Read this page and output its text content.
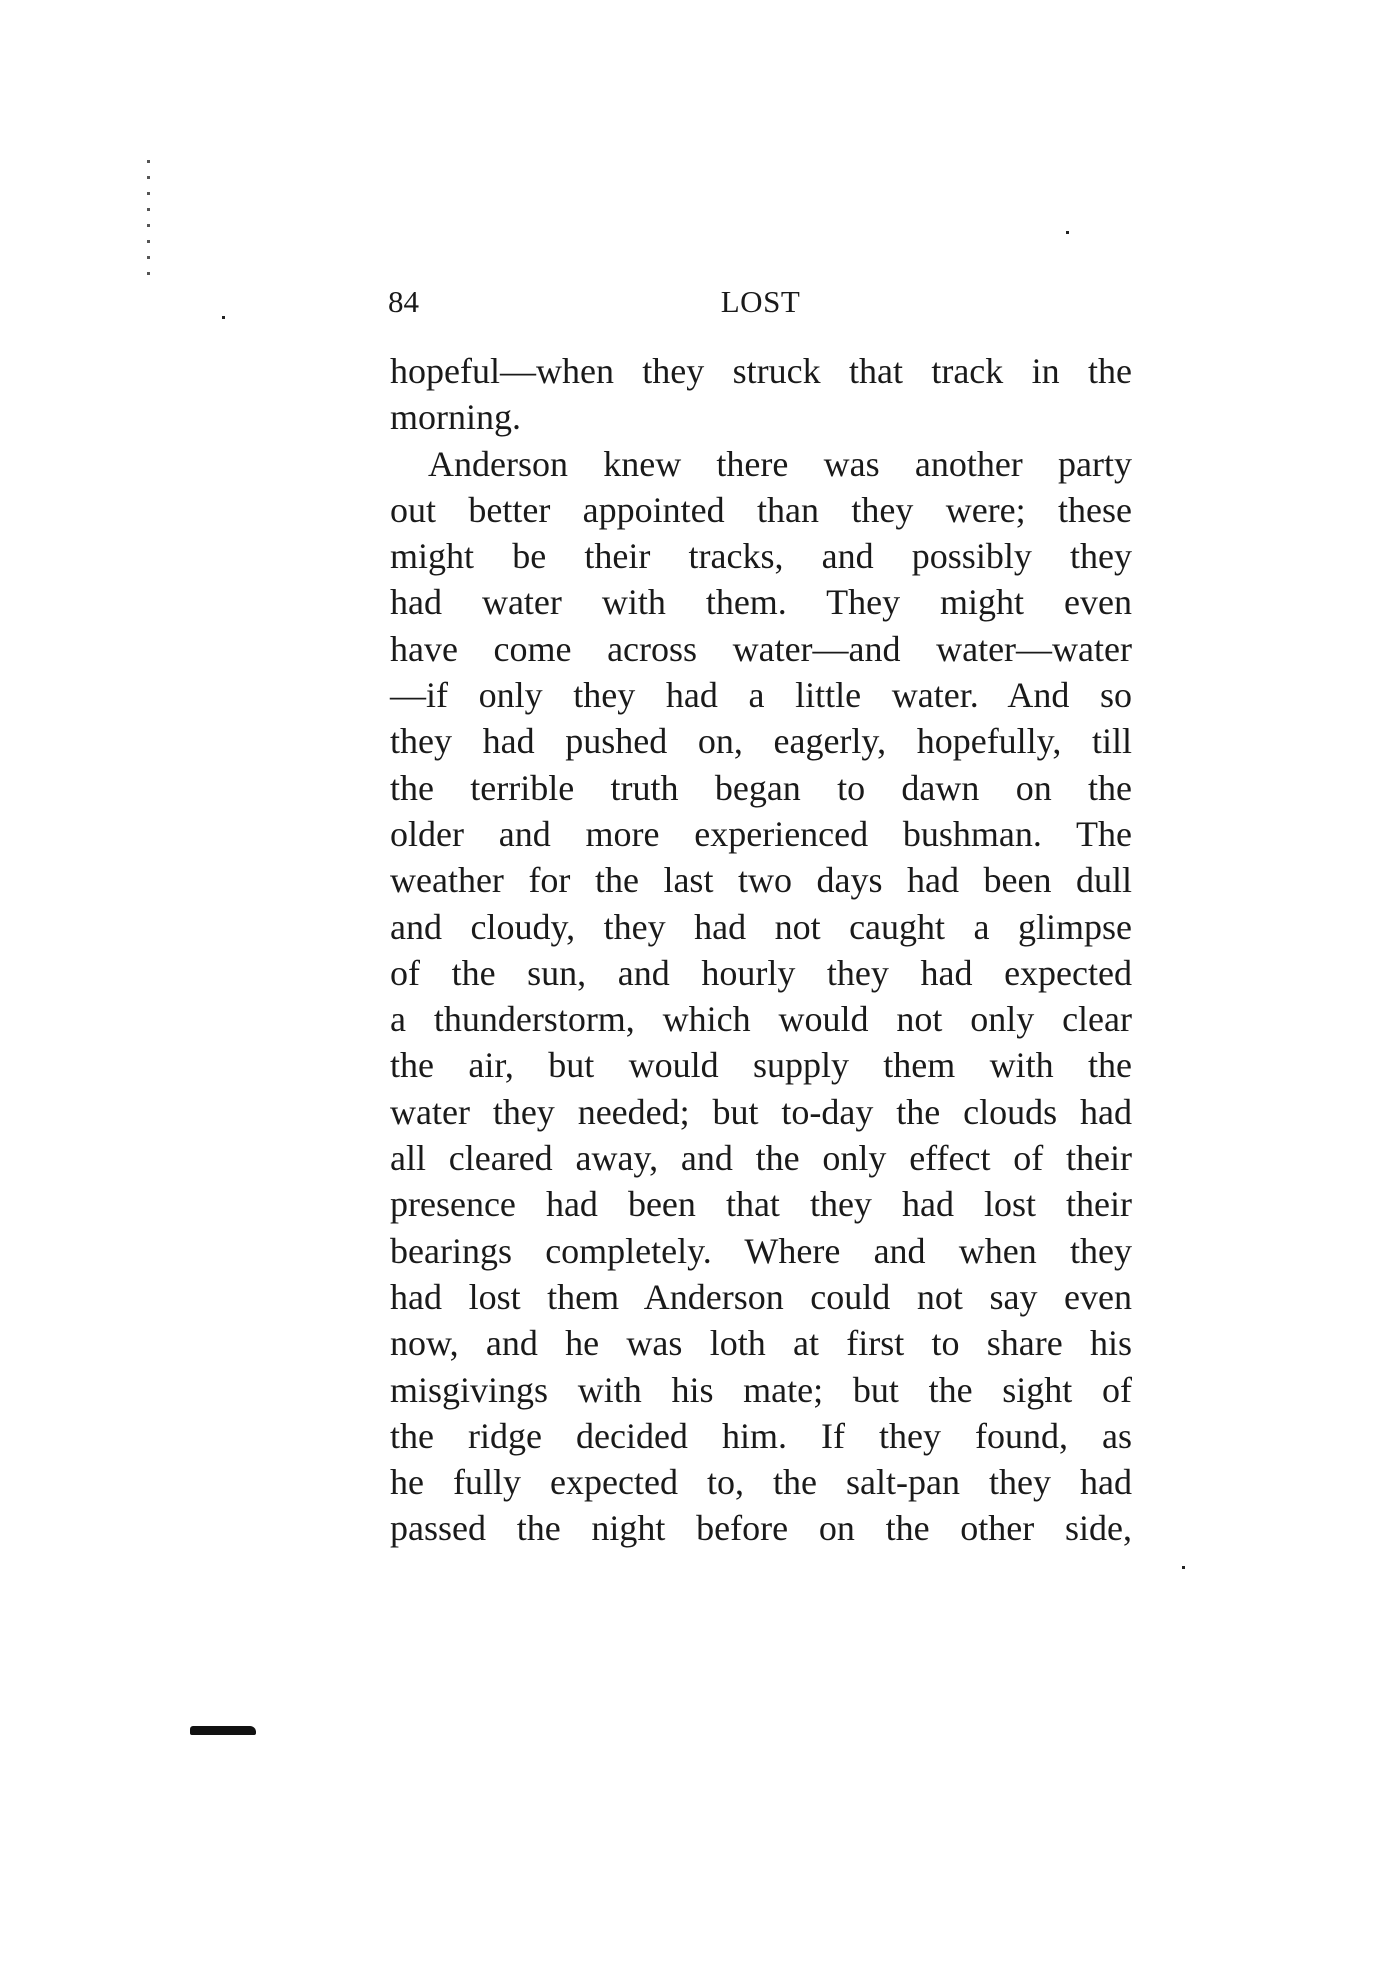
84	LOST
hopeful—when they struck that track in the
morning.
Anderson knew there was another party
out better appointed than they were; these
might be their tracks, and possibly they
had water with them. They might even
have come across water—and water—water
—if only they had a little water. And so
they had pushed on, eagerly, hopefully, till
the terrible truth began to dawn on the
older and more experienced bushman. The
weather for the last two days had been dull
and cloudy, they had not caught a glimpse
of the sun, and hourly they had expected
a thunderstorm, which would not only clear
the air, but would supply them with the
water they needed; but to-day the clouds had
all cleared away, and the only effect of their
presence had been that they had lost their
bearings completely. Where and when they
had lost them Anderson could not say even
now, and he was loth at first to share his
misgivings with his mate; but the sight of
the ridge decided him. If they found, as
he fully expected to, the salt-pan they had
passed the night before on the other side,
